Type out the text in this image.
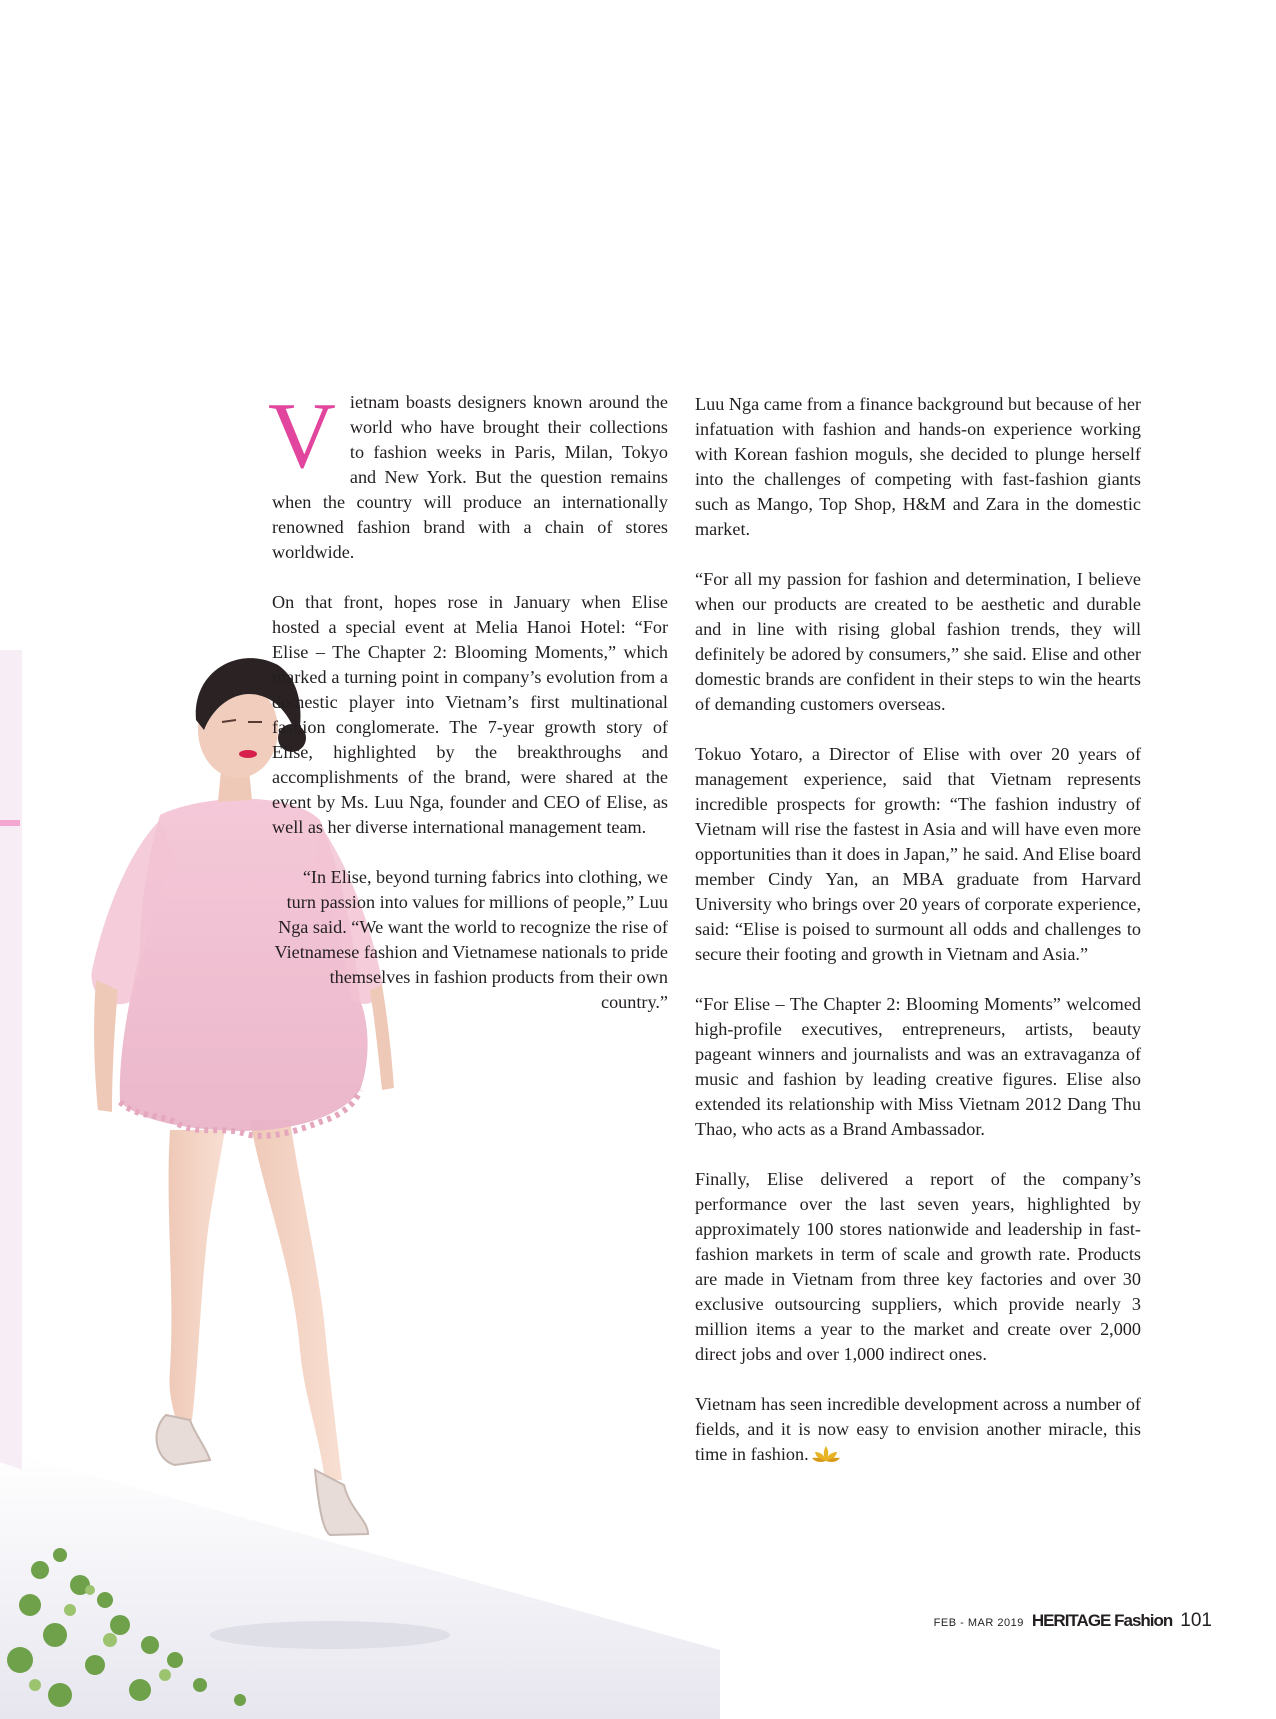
V ietnam boasts designers known around the world who have brought their collections to fashion weeks in Paris, Milan, Tokyo and New York. But the question remains when the country will produce an internationally renowned fashion brand with a chain of stores worldwide.

On that front, hopes rose in January when Elise hosted a special event at Melia Hanoi Hotel: “For Elise – The Chapter 2: Blooming Moments,” which marked a turning point in company’s evolution from a domestic player into Vietnam’s first multinational fashion conglomerate. The 7-year growth story of Elise, highlighted by the breakthroughs and accomplishments of the brand, were shared at the event by Ms. Luu Nga, founder and CEO of Elise, as well as her diverse international management team.

“In Elise, beyond turning fabrics into clothing, we turn passion into values for millions of people,” Luu Nga said. “We want the world to recognize the rise of Vietnamese fashion and Vietnamese nationals to pride themselves in fashion products from their own country.”

Luu Nga came from a finance background but because of her infatuation with fashion and hands-on experience working with Korean fashion moguls, she decided to plunge herself into the challenges of competing with fast-fashion giants such as Mango, Top Shop, H&M and Zara in the domestic market.

“For all my passion for fashion and determination, I believe when our products are created to be aesthetic and durable and in line with rising global fashion trends, they will definitely be adored by consumers,” she said. Elise and other domestic brands are confident in their steps to win the hearts of demanding customers overseas.

Tokuo Yotaro, a Director of Elise with over 20 years of management experience, said that Vietnam represents incredible prospects for growth: “The fashion industry of Vietnam will rise the fastest in Asia and will have even more opportunities than it does in Japan,” he said. And Elise board member Cindy Yan, an MBA graduate from Harvard University who brings over 20 years of corporate experience, said: “Elise is poised to surmount all odds and challenges to secure their footing and growth in Vietnam and Asia.”

“For Elise – The Chapter 2: Blooming Moments” welcomed high-profile executives, entrepreneurs, artists, beauty pageant winners and journalists and was an extravaganza of music and fashion by leading creative figures. Elise also extended its relationship with Miss Vietnam 2012 Dang Thu Thao, who acts as a Brand Ambassador.

Finally, Elise delivered a report of the company’s performance over the last seven years, highlighted by approximately 100 stores nationwide and leadership in fast-fashion markets in term of scale and growth rate. Products are made in Vietnam from three key factories and over 30 exclusive outsourcing suppliers, which provide nearly 3 million items a year to the market and create over 2,000 direct jobs and over 1,000 indirect ones.

Vietnam has seen incredible development across a number of fields, and it is now easy to envision another miracle, this time in fashion.

FEB - MAR 2019 HERITAGE Fashion 101
